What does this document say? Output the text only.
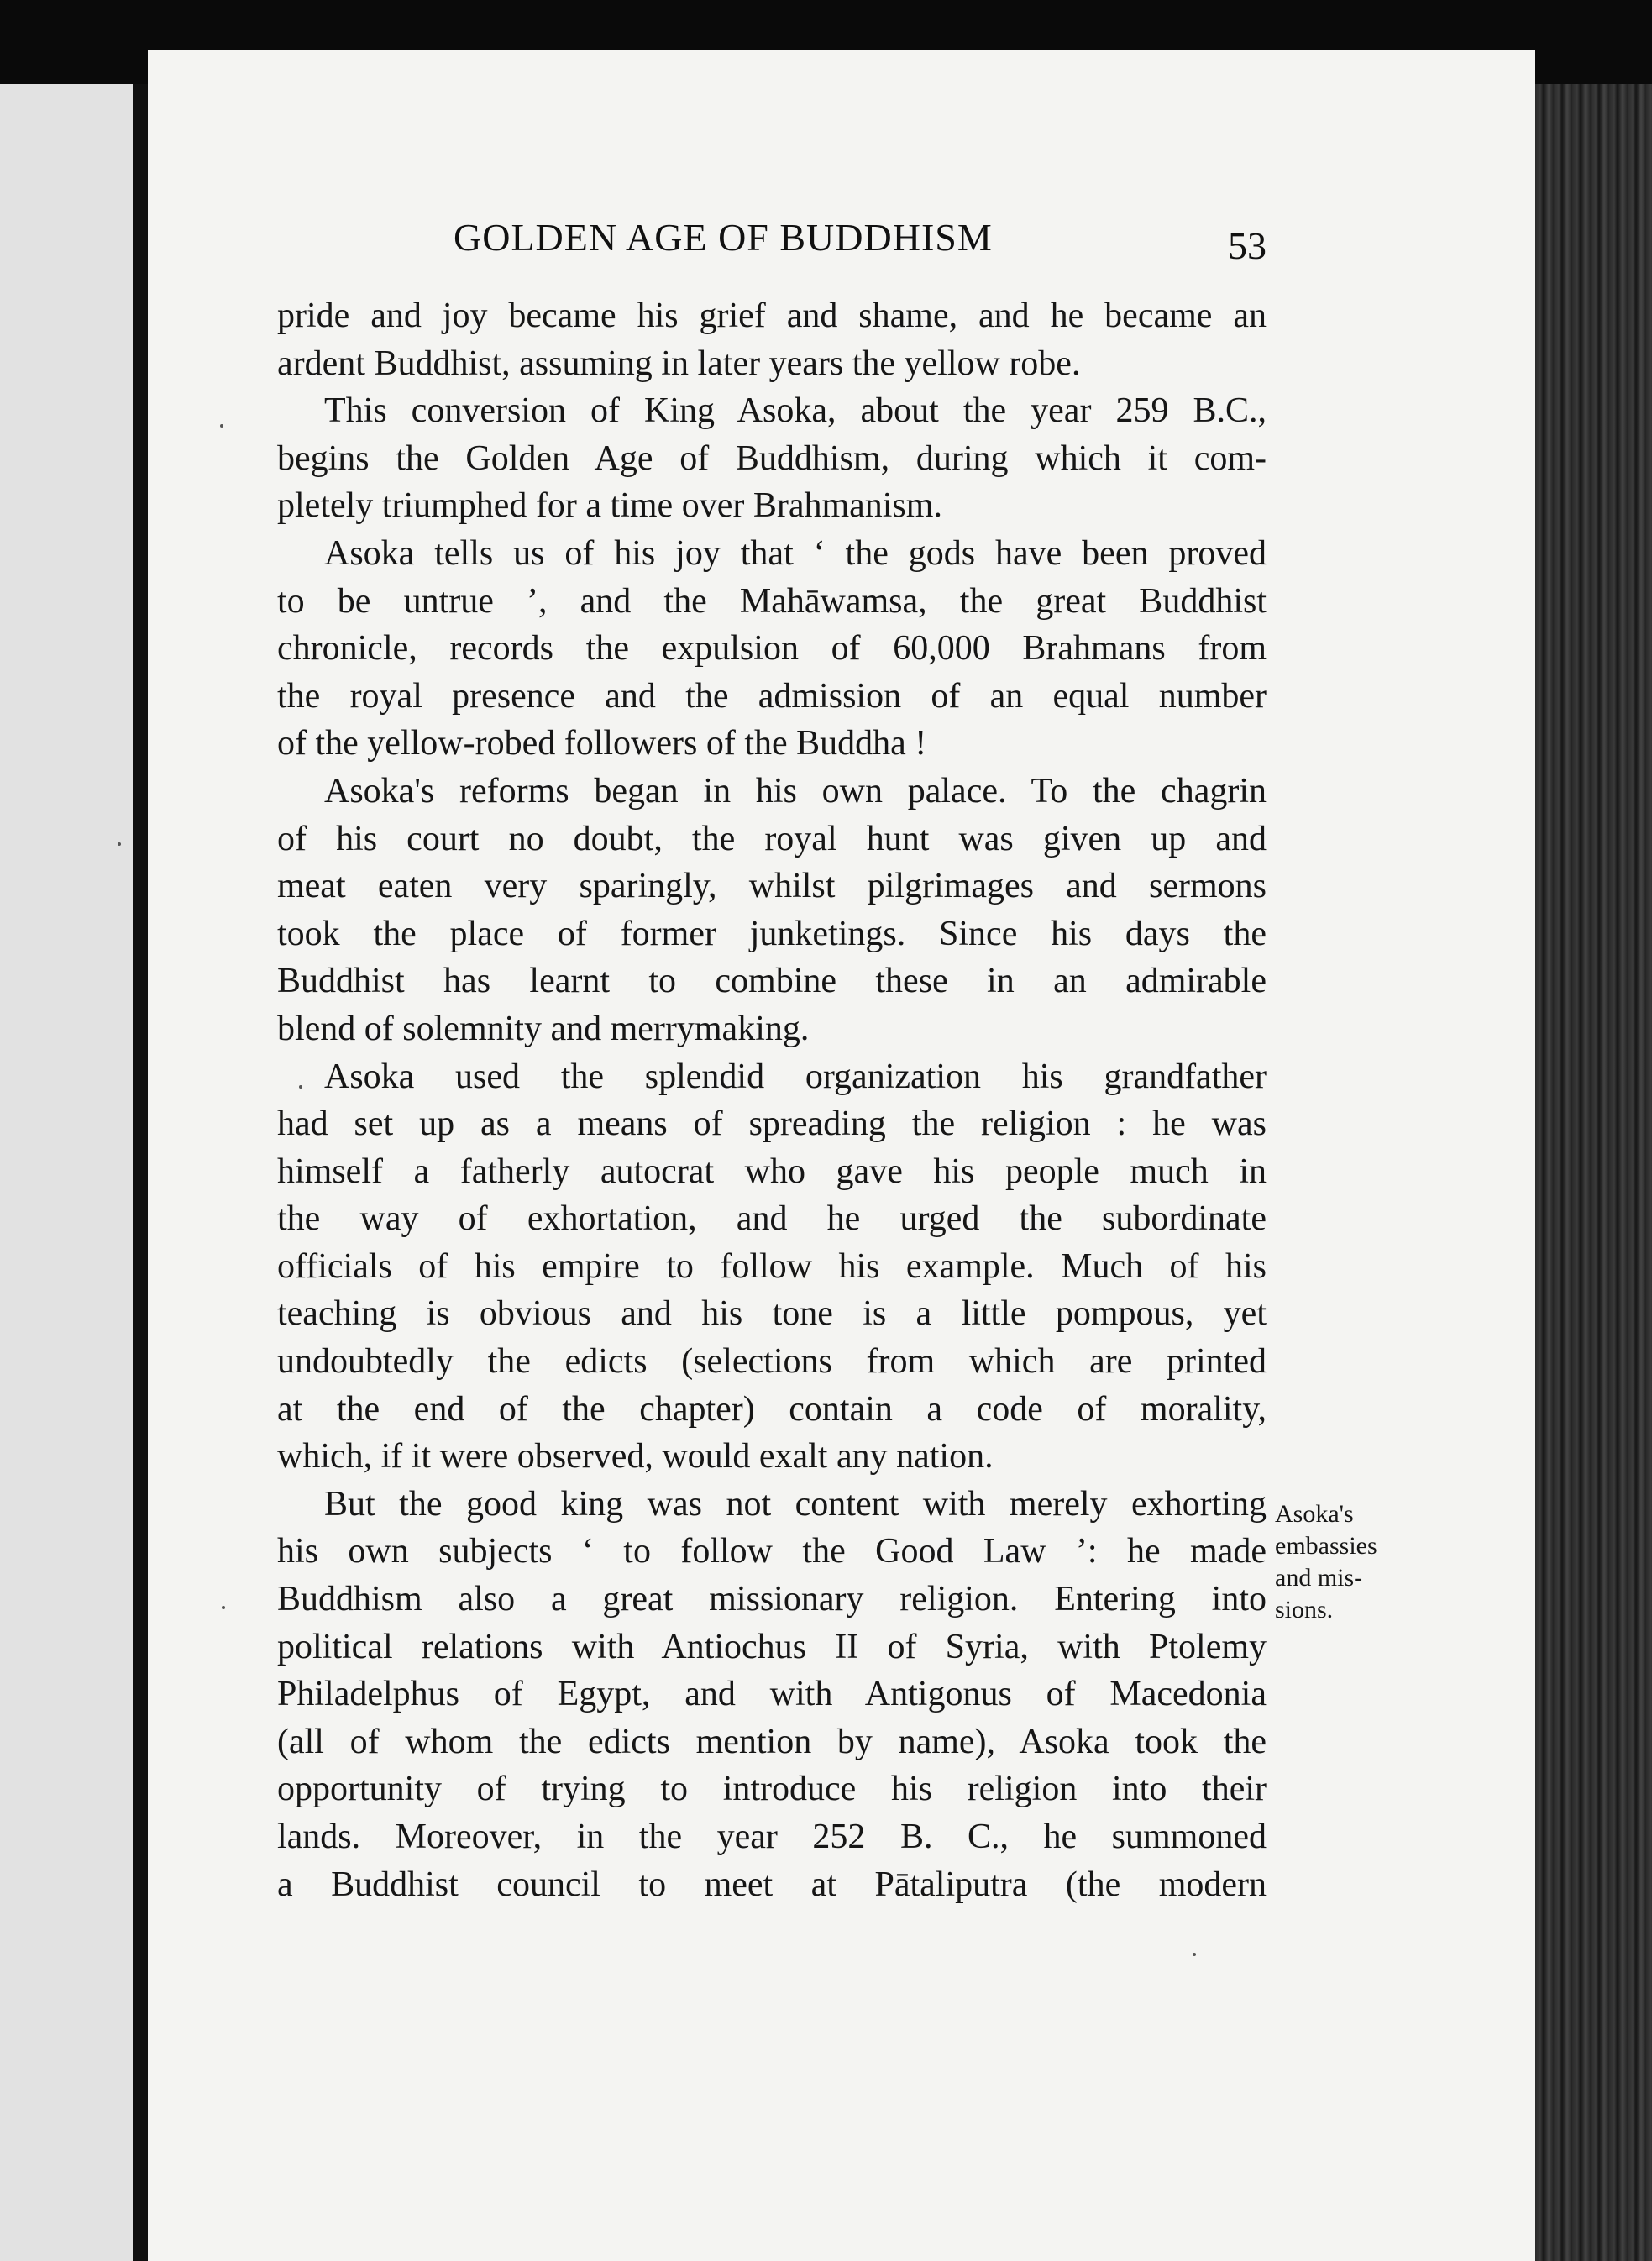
GOLDEN AGE OF BUDDHISM	53
pride and joy became his grief and shame, and he became an
ardent Buddhist, assuming in later years the yellow robe.
This conversion of King Asoka, about the year 259 B.C.,
begins the Golden Age of Buddhism, during which it com-
pletely triumphed for a time over Brahmanism.
Asoka tells us of his joy that ‘ the gods have been proved
to be untrue ’, and the Mahāwamsa, the great Buddhist
chronicle, records the expulsion of 60,000 Brahmans from
the royal presence and the admission of an equal number
of the yellow-robed followers of the Buddha !
Asoka's reforms began in his own palace. To the chagrin
of his court no doubt, the royal hunt was given up and
meat eaten very sparingly, whilst pilgrimages and sermons
took the place of former junketings. Since his days the
Buddhist has learnt to combine these in an admirable
blend of solemnity and merrymaking.
Asoka used the splendid organization his grandfather
had set up as a means of spreading the religion : he was
himself a fatherly autocrat who gave his people much in
the way of exhortation, and he urged the subordinate
officials of his empire to follow his example. Much of his
teaching is obvious and his tone is a little pompous, yet
undoubtedly the edicts (selections from which are printed
at the end of the chapter) contain a code of morality,
which, if it were observed, would exalt any nation.
But the good king was not content with merely exhorting
his own subjects ‘ to follow the Good Law ’: he made
Buddhism also a great missionary religion. Entering into
political relations with Antiochus II of Syria, with Ptolemy
Philadelphus of Egypt, and with Antigonus of Macedonia
(all of whom the edicts mention by name), Asoka took the
opportunity of trying to introduce his religion into their
lands. Moreover, in the year 252 B. C., he summoned
a Buddhist council to meet at Pātaliputra (the modern
Asoka's
embassies
and mis-
sions.
